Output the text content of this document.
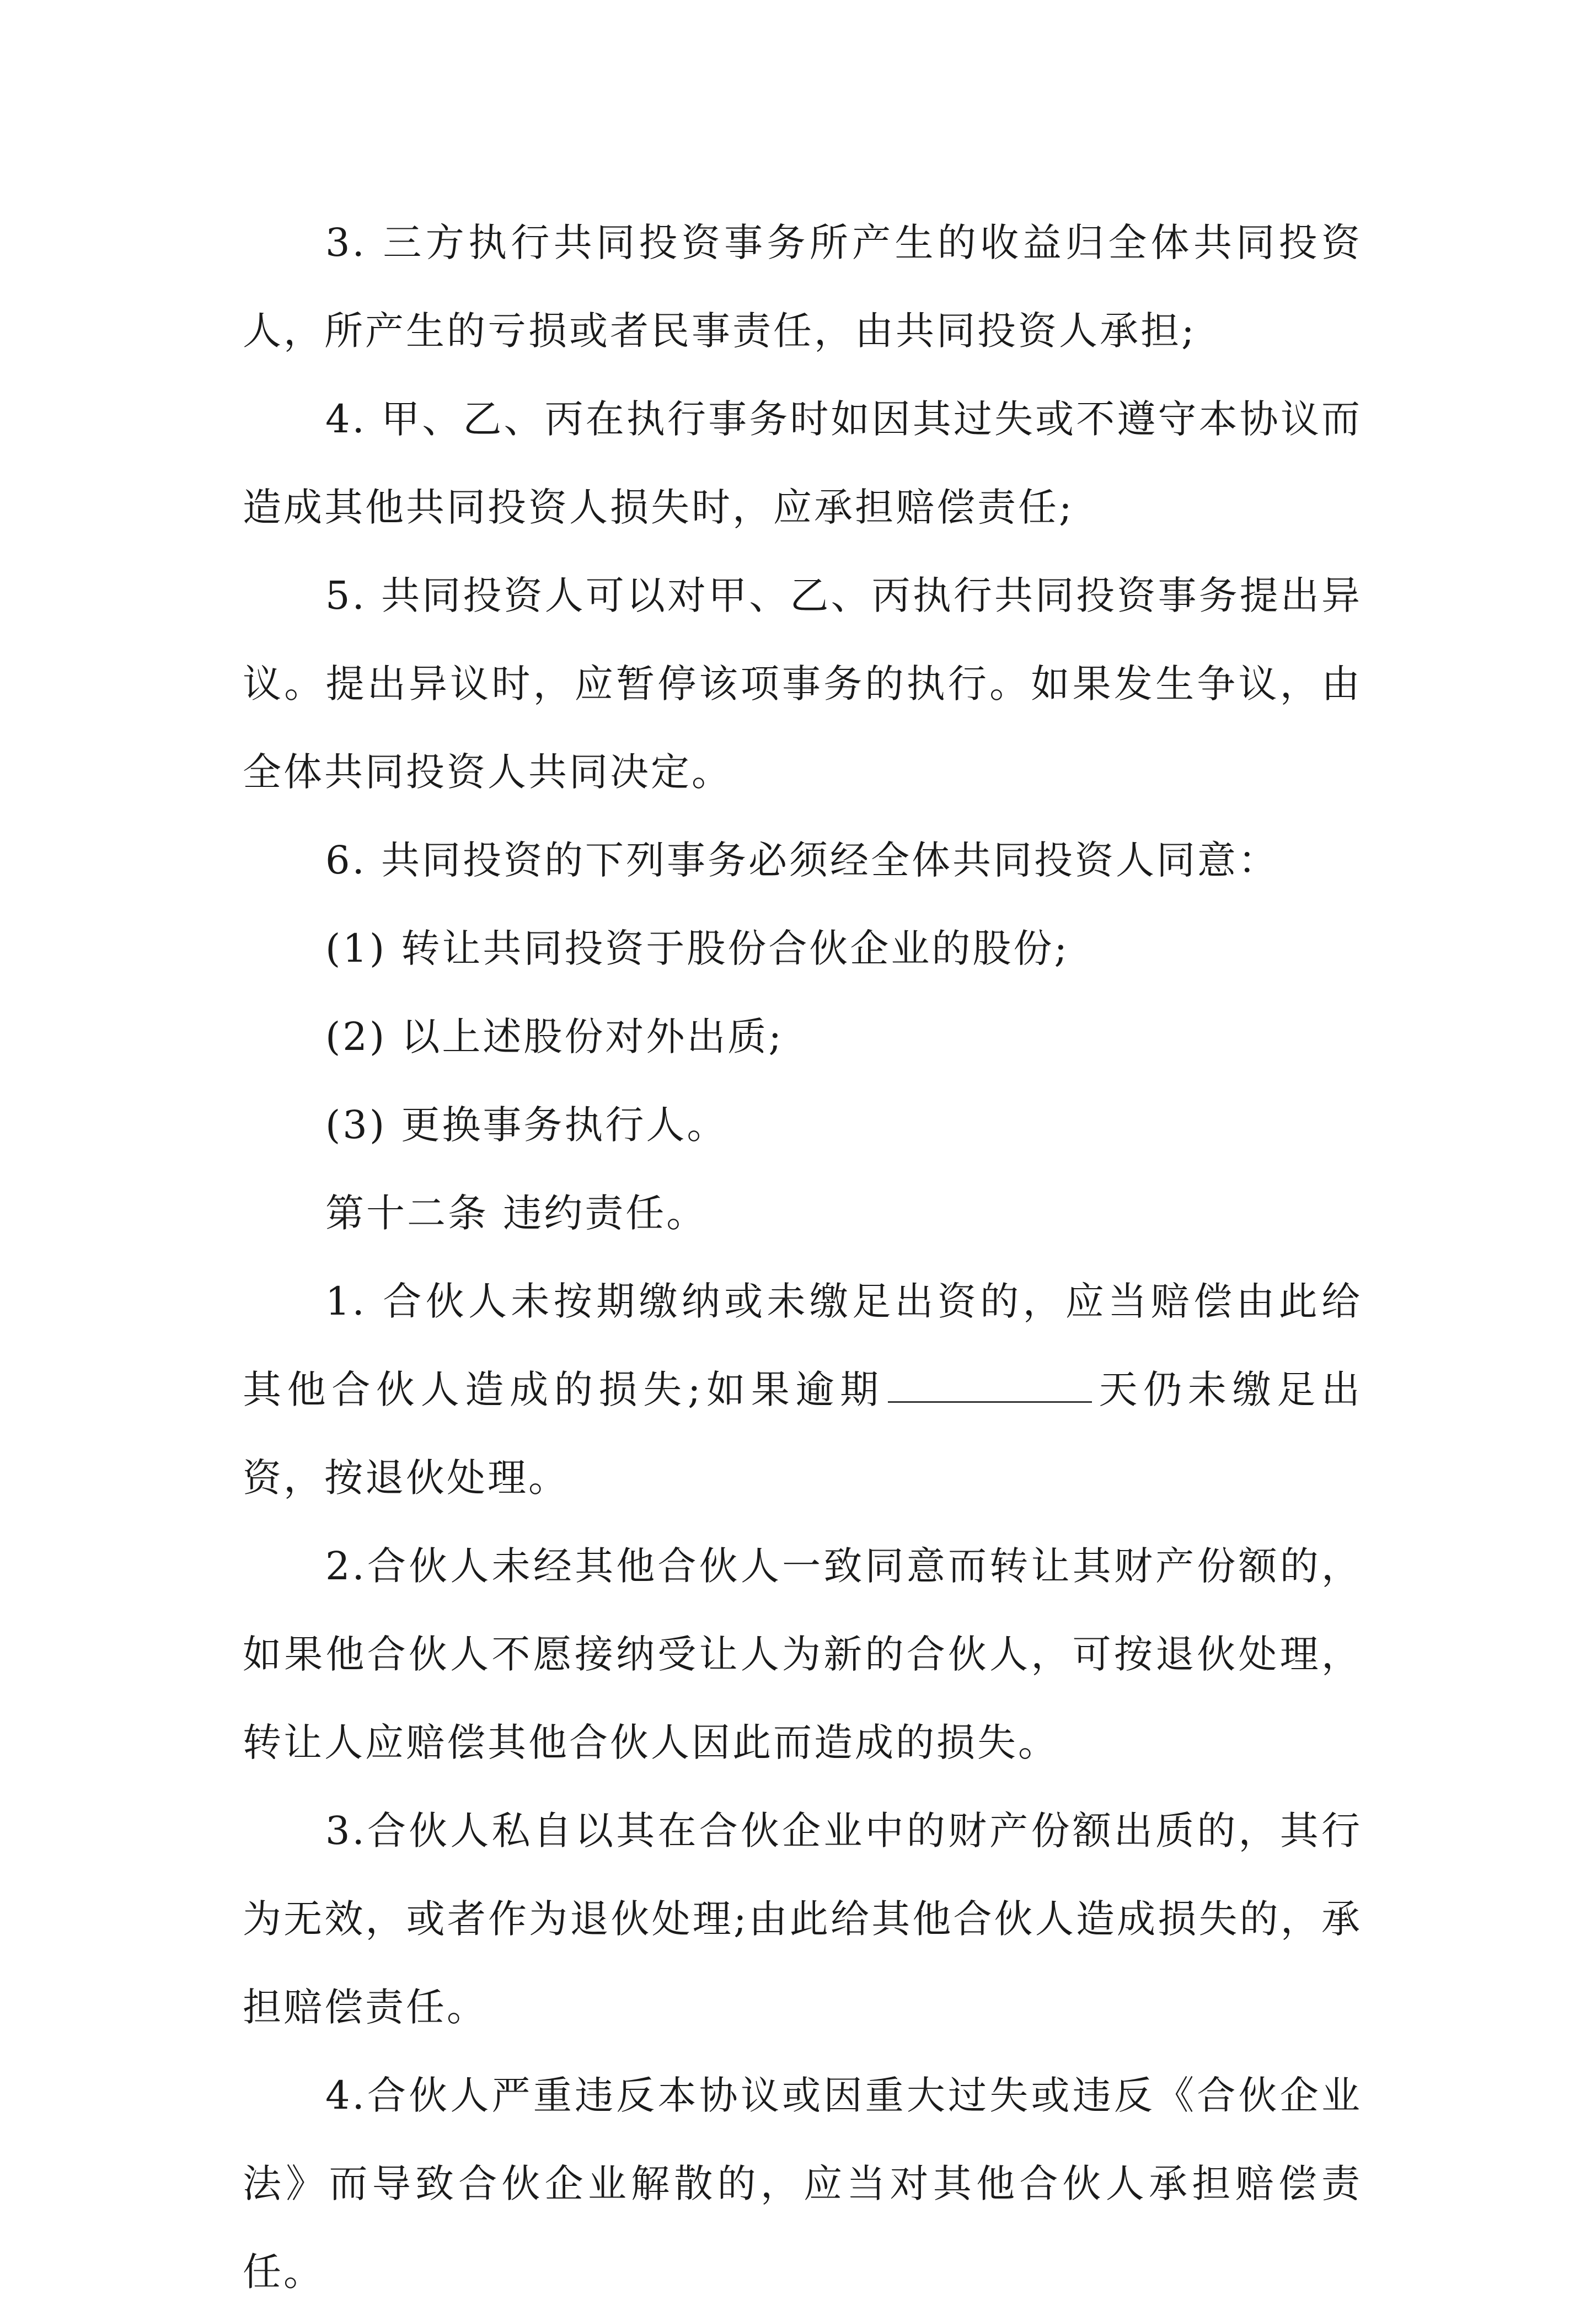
3. 三方执行共同投资事务所产生的收益归全体共同投资人，所产生的亏损或者民事责任，由共同投资人承担;

4. 甲、乙、丙在执行事务时如因其过失或不遵守本协议而造成其他共同投资人损失时，应承担赔偿责任;

5. 共同投资人可以对甲、乙、丙执行共同投资事务提出异议。提出异议时，应暂停该项事务的执行。如果发生争议，由全体共同投资人共同决定。

6. 共同投资的下列事务必须经全体共同投资人同意：

(1) 转让共同投资于股份合伙企业的股份;

(2) 以上述股份对外出质;

(3) 更换事务执行人。

第十二条 违约责任。

1. 合伙人未按期缴纳或未缴足出资的，应当赔偿由此给 其他合伙人造成的损失;如果逾期	天仍未缴足出资，按退伙处理。

2.合伙人未经其他合伙人一致同意而转让其财产份额的，如果他合伙人不愿接纳受让人为新的合伙人，可按退伙处理，转让人应赔偿其他合伙人因此而造成的损失。

3.合伙人私自以其在合伙企业中的财产份额出质的，其行为无效，或者作为退伙处理;由此给其他合伙人造成损失的，承担赔偿责任。

4.合伙人严重违反本协议或因重大过失或违反《合伙企业法》而导致合伙企业解散的，应当对其他合伙人承担赔偿责任。
